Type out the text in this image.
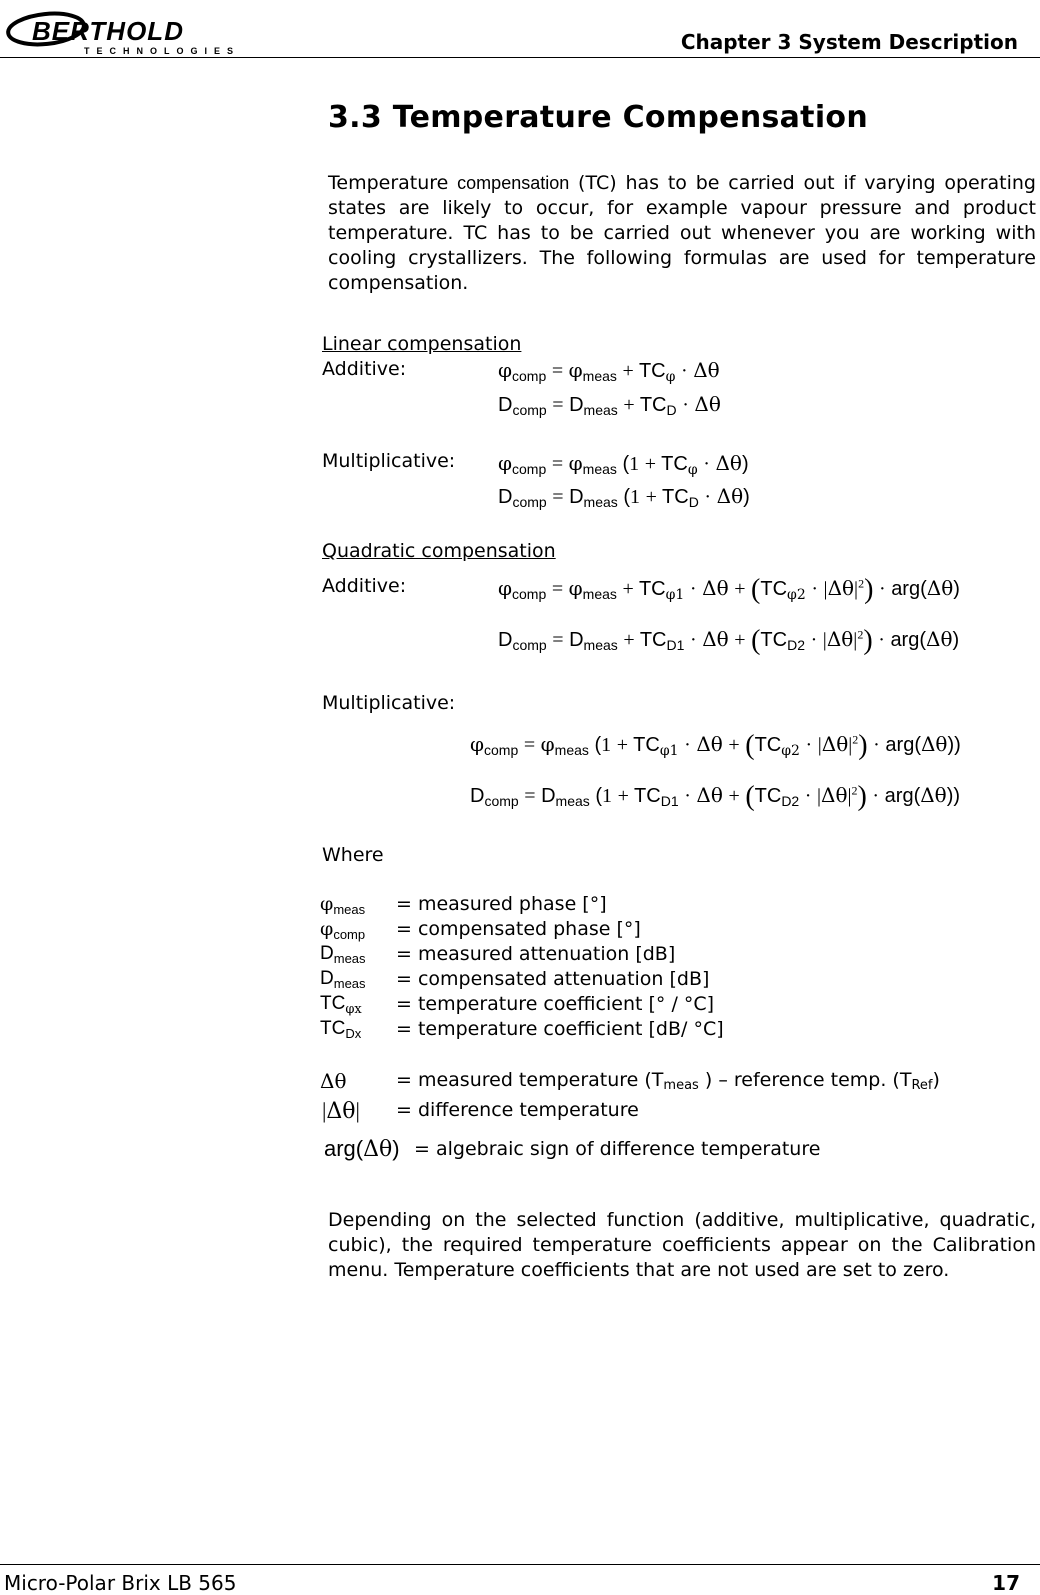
BERTHOLD
TECHNOLOGIES	Chapter 3 System Description
3.3 Temperature Compensation
Temperature compensation (TC) has to be carried out if varying operating states are likely to occur, for example vapour pressure and product temperature. TC has to be carried out whenever you are working with cooling crystallizers. The following formulas are used for temperature compensation.
Linear compensation
Additive:	$\varphi_{comp} = \varphi_{meas} + TC_\varphi \cdot \Delta\theta$
$D_{comp} = D_{meas} + TC_D \cdot \Delta\theta$
Multiplicative: $\varphi_{comp} = \varphi_{meas}$ $(1 + TC_\varphi \cdot \Delta\theta)$
$D_{comp} = D_{meas}$ $(1 + TC_D \cdot \Delta\theta)$
Quadratic compensation
Additive:	$\varphi_{comp} = \varphi_{meas} + TC_{\varphi 1} \cdot \Delta\theta + (TC_{\varphi 2} \cdot |\Delta\theta|^2) \cdot arg(\Delta\theta)$
$D_{comp} = D_{meas} + TC_{D1} \cdot \Delta\theta + (TC_{D2} \cdot |\Delta\theta|^2) \cdot arg(\Delta\theta)$
Multiplicative:
$\varphi_{comp} = \varphi_{meas}$ $(1 + TC_{\varphi 1} \cdot \Delta\theta + (TC_{\varphi 2} \cdot |\Delta\theta|^2) \cdot arg(\Delta\theta))$
$D_{comp} = D_{meas}$ $(1 + TC_{D1} \cdot \Delta\theta + (TC_{D2} \cdot |\Delta\theta|^2) \cdot arg(\Delta\theta))$
Where
$\varphi_{meas}$ = measured phase [°]
$\varphi_{comp}$ = compensated phase [°]
$D_{meas}$ = measured attenuation [dB]
$D_{meas}$ = compensated attenuation [dB]
$TC_{\varphi x}$ = temperature coefficient [° / °C]
$TC_{Dx}$ = temperature coefficient [dB/ °C]
Δθ	= measured temperature ($T_{meas}$ ) – reference temp. $(T_{Ref})$
|Δθ| = difference temperature
arg(Δθ) = algebraic sign of difference temperature
Depending on the selected function (additive, multiplicative, quadratic, cubic), the required temperature coefficients appear on the Calibration menu. Temperature coefficients that are not used are set to zero.
Micro-Polar Brix LB 565	17
